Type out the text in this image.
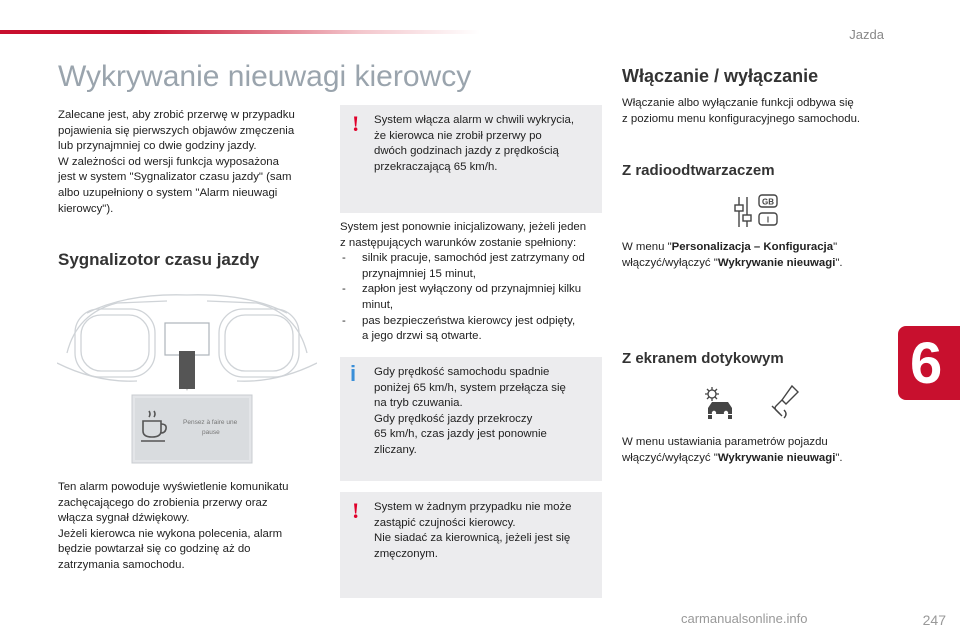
Jazda
Wykrywanie nieuwagi kierowcy
Zalecane jest, aby zrobić przerwę w przypadku
pojawienia się pierwszych objawów zmęczenia
lub przynajmniej co dwie godziny jazdy.
W zależności od wersji funkcja wyposażona
jest w system "Sygnalizator czasu jazdy" (sam
albo uzupełniony o system "Alarm nieuwagi
kierowcy").
Sygnalizotor czasu jazdy
Pensez à faire une
pause
Ten alarm powoduje wyświetlenie komunikatu
zachęcającego do zrobienia przerwy oraz
włącza sygnał dźwiękowy.
Jeżeli kierowca nie wykona polecenia, alarm
będzie powtarzał się co godzinę aż do
zatrzymania samochodu.
! System włącza alarm w chwili wykrycia,
że kierowca nie zrobił przerwy po
dwóch godzinach jazdy z prędkością
przekraczającą 65 km/h.
System jest ponownie inicjalizowany, jeżeli jeden
z następujących warunków zostanie spełniony:
- silnik pracuje, samochód jest zatrzymany od
przynajmniej 15 minut,
- zapłon jest wyłączony od przynajmniej kilku
minut,
- pas bezpieczeństwa kierowcy jest odpięty,
a jego drzwi są otwarte.
i Gdy prędkość samochodu spadnie
poniżej 65 km/h, system przełącza się
na tryb czuwania.
Gdy prędkość jazdy przekroczy
65 km/h, czas jazdy jest ponownie
zliczany.
! System w żadnym przypadku nie może
zastąpić czujności kierowcy.
Nie siadać za kierownicą, jeżeli jest się
zmęczonym.
Włączanie / wyłączanie
Włączanie albo wyłączanie funkcji odbywa się
z poziomu menu konfiguracyjnego samochodu.
Z radioodtwarzaczem
GB
I
W menu "Personalizacja – Konfiguracja"
włączyć/wyłączyć "Wykrywanie nieuwagi".
Z ekranem dotykowym
W menu ustawiania parametrów pojazdu
włączyć/wyłączyć "Wykrywanie nieuwagi".
6
carmanualsonline.info	247
